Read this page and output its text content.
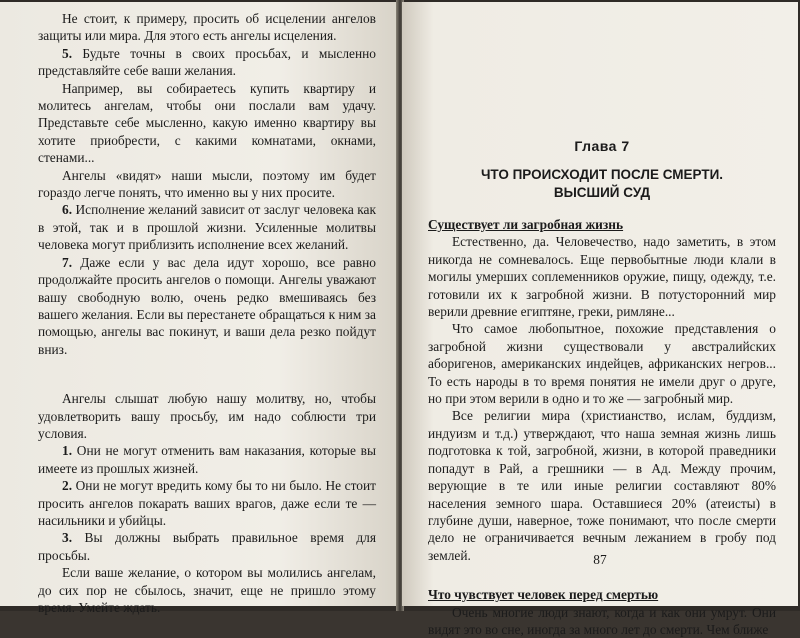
Не стоит, к примеру, просить об исцелении ангелов защиты или мира. Для этого есть ангелы исцеления.

5. Будьте точны в своих просьбах, и мысленно представляйте себе ваши желания.

Например, вы собираетесь купить квартиру и молитесь ангелам, чтобы они послали вам удачу. Представьте себе мысленно, какую именно квартиру вы хотите приобрести, с какими комнатами, окнами, стенами...

Ангелы «видят» наши мысли, поэтому им будет гораздо легче понять, что именно вы у них просите.

6. Исполнение желаний зависит от заслуг человека как в этой, так и в прошлой жизни. Усиленные молитвы человека могут приблизить исполнение всех желаний.

7. Даже если у вас дела идут хорошо, все равно продолжайте просить ангелов о помощи. Ангелы уважают вашу свободную волю, очень редко вмешиваясь без вашего желания. Если вы перестанете обращаться к ним за помощью, ангелы вас покинут, и ваши дела резко пойдут вниз.

Ангелы слышат любую нашу молитву, но, чтобы удовлетворить вашу просьбу, им надо соблюсти три условия.

1. Они не могут отменить вам наказания, которые вы имеете из прошлых жизней.

2. Они не могут вредить кому бы то ни было. Не стоит просить ангелов покарать ваших врагов, даже если те — насильники и убийцы.

3. Вы должны выбрать правильное время для просьбы.

Если ваше желание, о котором вы молились ангелам, до сих пор не сбылось, значит, еще не пришло этому время. Умейте ждать.

Глава 7
ЧТО ПРОИСХОДИТ ПОСЛЕ СМЕРТИ.
ВЫСШИЙ СУД

Существует ли загробная жизнь

Естественно, да. Человечество, надо заметить, в этом никогда не сомневалось. Еще первобытные люди клали в могилы умерших соплеменников оружие, пищу, одежду, т.е. готовили их к загробной жизни. В потусторонний мир верили древние египтяне, греки, римляне...

Что самое любопытное, похожие представления о загробной жизни существовали у австралийских аборигенов, американских индейцев, африканских негров... То есть народы в то время понятия не имели друг о друге, но при этом верили в одно и то же — загробный мир.

Все религии мира (христианство, ислам, буддизм, индуизм и т.д.) утверждают, что наша земная жизнь лишь подготовка к той, загробной, жизни, в которой праведники попадут в Рай, а грешники — в Ад. Между прочим, верующие в те или иные религии составляют 80% населения земного шара. Оставшиеся 20% (атеисты) в глубине души, наверное, тоже понимают, что после смерти дело не ограничивается вечным лежанием в гробу под землей.

Что чувствует человек перед смертью

Очень многие люди знают, когда и как они умрут. Они видят это во сне, иногда за много лет до смерти. Чем ближе

87
